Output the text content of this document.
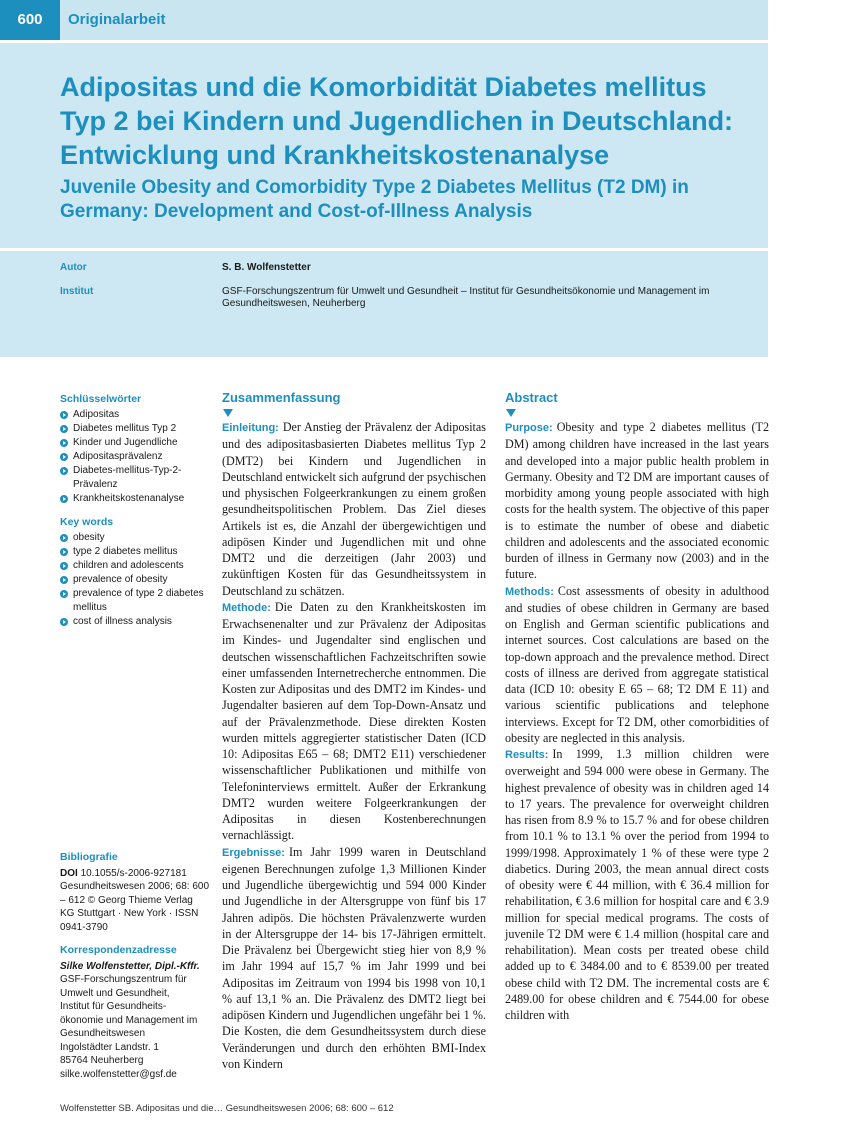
600	Originalarbeit
Adipositas und die Komorbidität Diabetes mellitus Typ 2 bei Kindern und Jugendlichen in Deutschland: Entwicklung und Krankheitskostenanalyse
Juvenile Obesity and Comorbidity Type 2 Diabetes Mellitus (T2 DM) in Germany: Development and Cost-of-Illness Analysis
Autor	S. B. Wolfenstetter
Institut	GSF-Forschungszentrum für Umwelt und Gesundheit – Institut für Gesundheitsökonomie und Management im Gesundheitswesen, Neuherberg
Schlüsselwörter
Adipositas
Diabetes mellitus Typ 2
Kinder und Jugendliche
Adipositasprävalenz
Diabetes-mellitus-Typ-2-Prävalenz
Krankheitskostenanalyse
Key words
obesity
type 2 diabetes mellitus
children and adolescents
prevalence of obesity
prevalence of type 2 diabetes mellitus
cost of illness analysis
Bibliografie
DOI 10.1055/s-2006-927181
Gesundheitswesen 2006; 68: 600 – 612 © Georg Thieme Verlag KG Stuttgart · New York · ISSN 0941-3790
Korrespondenzadresse
Silke Wolfenstetter, Dipl.-Kffr.
GSF-Forschungszentrum für
Umwelt und Gesundheit,
Institut für Gesundheits-
ökonomie und Management im
Gesundheitswesen
Ingolstädter Landstr. 1
85764 Neuherberg
silke.wolfenstetter@gsf.de
Zusammenfassung

Einleitung: Der Anstieg der Prävalenz der Adipositas und des adipositasbasierten Diabetes mellitus Typ 2 (DMT2) bei Kindern und Jugendlichen in Deutschland entwickelt sich aufgrund der psychischen und physischen Folgeerkrankungen zu einem großen gesundheitspolitischen Problem. Das Ziel dieses Artikels ist es, die Anzahl der übergewichtigen und adipösen Kinder und Jugendlichen mit und ohne DMT2 und die derzeitigen (Jahr 2003) und zukünftigen Kosten für das Gesundheitssystem in Deutschland zu schätzen.
Methode: Die Daten zu den Krankheitskosten im Erwachsenenalter und zur Prävalenz der Adipositas im Kindes- und Jugendalter sind englischen und deutschen wissenschaftlichen Fachzeitschriften sowie einer umfassenden Internetrecherche entnommen. Die Kosten zur Adipositas und des DMT2 im Kindes- und Jugendalter basieren auf dem Top-Down-Ansatz und auf der Prävalenzmethode. Diese direkten Kosten wurden mittels aggregierter statistischer Daten (ICD 10: Adipositas E65 – 68; DMT2 E11) verschiedener wissenschaftlicher Publikationen und mithilfe von Telefoninterviews ermittelt. Außer der Erkrankung DMT2 wurden weitere Folgeerkrankungen der Adipositas in diesen Kostenberechnungen vernachlässigt.
Ergebnisse: Im Jahr 1999 waren in Deutschland eigenen Berechnungen zufolge 1,3 Millionen Kinder und Jugendliche übergewichtig und 594 000 Kinder und Jugendliche in der Altersgruppe von fünf bis 17 Jahren adipös. Die höchsten Prävalenzwerte wurden in der Altersgruppe der 14- bis 17-Jährigen ermittelt. Die Prävalenz bei Übergewicht stieg hier von 8,9 % im Jahr 1994 auf 15,7 % im Jahr 1999 und bei Adipositas im Zeitraum von 1994 bis 1998 von 10,1 % auf 13,1 % an. Die Prävalenz des DMT2 liegt bei adipösen Kindern und Jugendlichen ungefähr bei 1 %. Die Kosten, die dem Gesundheitssystem durch diese Veränderungen und durch den erhöhten BMI-Index von Kindern

Abstract

Purpose: Obesity and type 2 diabetes mellitus (T2 DM) among children have increased in the last years and developed into a major public health problem in Germany. Obesity and T2 DM are important causes of morbidity among young people associated with high costs for the health system. The objective of this paper is to estimate the number of obese and diabetic children and adolescents and the associated economic burden of illness in Germany now (2003) and in the future.
Methods: Cost assessments of obesity in adulthood and studies of obese children in Germany are based on English and German scientific publications and internet sources. Cost calculations are based on the top-down approach and the prevalence method. Direct costs of illness are derived from aggregate statistical data (ICD 10: obesity E 65 – 68; T2 DM E 11) and various scientific publications and telephone interviews. Except for T2 DM, other comorbidities of obesity are neglected in this analysis.
Results: In 1999, 1.3 million children were overweight and 594 000 were obese in Germany. The highest prevalence of obesity was in children aged 14 to 17 years. The prevalence for overweight children has risen from 8.9 % to 15.7 % and for obese children from 10.1 % to 13.1 % over the period from 1994 to 1999/1998. Approximately 1 % of these were type 2 diabetics. During 2003, the mean annual direct costs of obesity were € 44 million, with € 36.4 million for rehabilitation, € 3.6 million for hospital care and € 3.9 million for special medical programs. The costs of juvenile T2 DM were € 1.4 million (hospital care and rehabilitation). Mean costs per treated obese child added up to € 3484.00 and to € 8539.00 per treated obese child with T2 DM. The incremental costs are € 2489.00 for obese children and € 7544.00 for obese children with

Wolfenstetter SB. Adipositas und die… Gesundheitswesen 2006; 68: 600 – 612
